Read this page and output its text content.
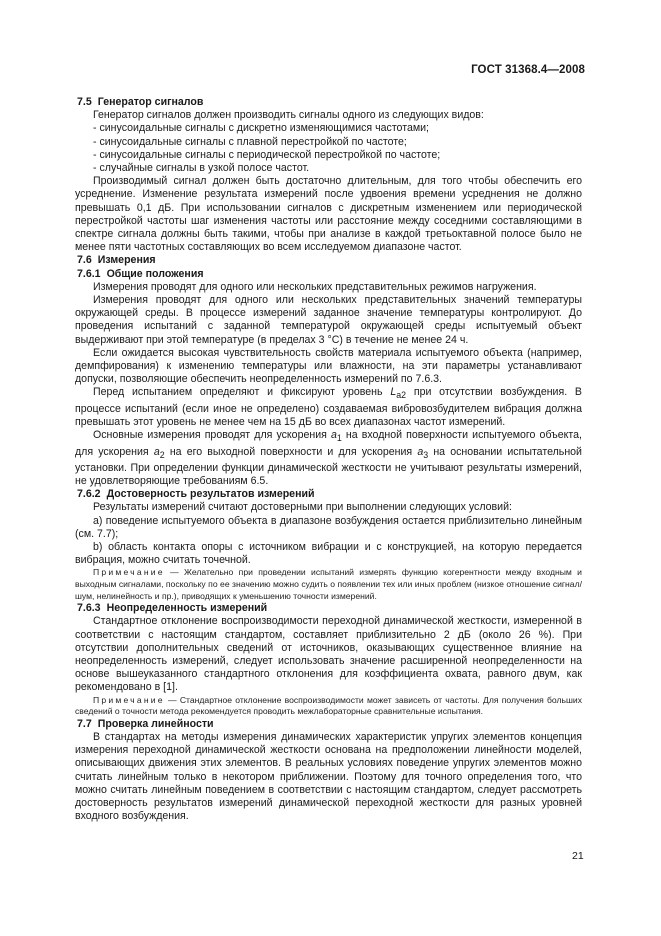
ГОСТ 31368.4—2008

7.5 Генератор сигналов

Генератор сигналов должен производить сигналы одного из следующих видов:

- синусоидальные сигналы с дискретно изменяющимися частотами;

- синусоидальные сигналы с плавной перестройкой по частоте;

- синусоидальные сигналы с периодической перестройкой по частоте;

- случайные сигналы в узкой полосе частот.

Производимый сигнал должен быть достаточно длительным, для того чтобы обеспечить его усреднение. Изменение результата измерений после удвоения времени усреднения не должно превышать 0,1 дБ. При использовании сигналов с дискретным изменением или периодической перестройкой частоты шаг изменения частоты или расстояние между соседними составляющими в спектре сигнала должны быть такими, чтобы при анализе в каждой третьоктавной полосе было не менее пяти частотных составляющих во всем исследуемом диапазоне частот.

7.6 Измерения

7.6.1 Общие положения

Измерения проводят для одного или нескольких представительных режимов нагружения.

Измерения проводят для одного или нескольких представительных значений температуры окружающей среды. В процессе измерений заданное значение температуры контролируют. До проведения испытаний с заданной температурой окружающей среды испытуемый объект выдерживают при этой температуре (в пределах 3 °С) в течение не менее 24 ч.

Если ожидается высокая чувствительность свойств материала испытуемого объекта (например, демпфирования) к изменению температуры или влажности, на эти параметры устанавливают допуски, позволяющие обеспечить неопределенность измерений по 7.6.3.

Перед испытанием определяют и фиксируют уровень $L_{a2}$ при отсутствии возбуждения. В процессе испытаний (если иное не определено) создаваемая вибровозбудителем вибрация должна превышать этот уровень не менее чем на 15 дБ во всех диапазонах частот измерений.

Основные измерения проводят для ускорения $a_1$ на входной поверхности испытуемого объекта, для ускорения $a_2$ на его выходной поверхности и для ускорения $a_3$ на основании испытательной установки. При определении функции динамической жесткости не учитывают результаты измерений, не удовлетворяющие требованиям 6.5.

7.6.2 Достоверность результатов измерений

Результаты измерений считают достоверными при выполнении следующих условий:

а) поведение испытуемого объекта в диапазоне возбуждения остается приблизительно линейным (см. 7.7);

b) область контакта опоры с источником вибрации и с конструкцией, на которую передается вибрация, можно считать точечной.

Примечание — Желательно при проведении испытаний измерять функцию когерентности между входным и выходным сигналами, поскольку по ее значению можно судить о появлении тех или иных проблем (низкое отношение сигнал/шум, нелинейность и пр.), приводящих к уменьшению точности измерений.

7.6.3 Неопределенность измерений

Стандартное отклонение воспроизводимости переходной динамической жесткости, измеренной в соответствии с настоящим стандартом, составляет приблизительно 2 дБ (около 26 %). При отсутствии дополнительных сведений от источников, оказывающих существенное влияние на неопределенность измерений, следует использовать значение расширенной неопределенности на основе вышеуказанного стандартного отклонения для коэффициента охвата, равного двум, как рекомендовано в [1].

Примечание — Стандартное отклонение воспроизводимости может зависеть от частоты. Для получения больших сведений о точности метода рекомендуется проводить межлабораторные сравнительные испытания.

7.7 Проверка линейности

В стандартах на методы измерения динамических характеристик упругих элементов концепция измерения переходной динамической жесткости основана на предположении линейности моделей, описывающих движения этих элементов. В реальных условиях поведение упругих элементов можно считать линейным только в некотором приближении. Поэтому для точного определения того, что можно считать линейным поведением в соответствии с настоящим стандартом, следует рассмотреть достоверность результатов измерений динамической переходной жесткости для разных уровней входного возбуждения.

21
